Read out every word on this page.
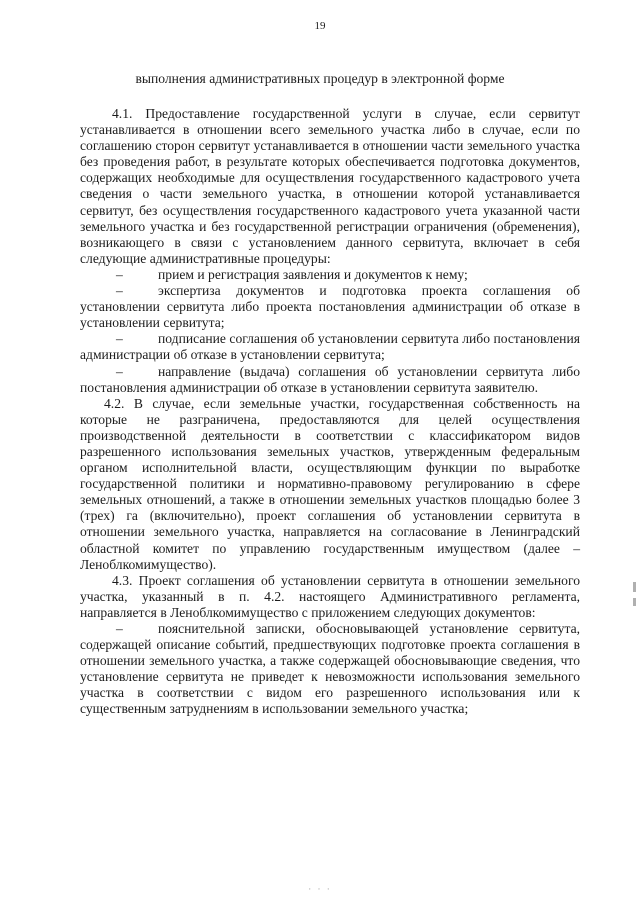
19
выполнения административных процедур в электронной форме

4.1. Предоставление государственной услуги в случае, если сервитут устанавливается в отношении всего земельного участка либо в случае, если по соглашению сторон сервитут устанавливается в отношении части земельного участка без проведения работ, в результате которых обеспечивается подготовка документов, содержащих необходимые для осуществления государственного кадастрового учета сведения о части земельного участка, в отношении которой устанавливается сервитут, без осуществления государственного кадастрового учета указанной части земельного участка и без государственной регистрации ограничения (обременения), возникающего в связи с установлением данного сервитута, включает в себя следующие административные процедуры:

–	прием и регистрация заявления и документов к нему;

–	экспертиза документов и подготовка проекта соглашения об установлении сервитута либо проекта постановления администрации об отказе в установлении сервитута;

–	подписание соглашения об установлении сервитута либо постановления администрации об отказе в установлении сервитута;

–	направление (выдача) соглашения об установлении сервитута либо постановления администрации об отказе в установлении сервитута заявителю.

4.2. В случае, если земельные участки, государственная собственность на которые не разграничена, предоставляются для целей осуществления производственной деятельности в соответствии с классификатором видов разрешенного использования земельных участков, утвержденным федеральным органом исполнительной власти, осуществляющим функции по выработке государственной политики и нормативно-правовому регулированию в сфере земельных отношений, а также в отношении земельных участков площадью более 3 (трех) га (включительно), проект соглашения об установлении сервитута в отношении земельного участка, направляется на согласование в Ленинградский областной комитет по управлению государственным имуществом (далее – Леноблкомимущество).

4.3. Проект соглашения об установлении сервитута в отношении земельного участка, указанный в п. 4.2. настоящего Административного регламента, направляется в Леноблкомимущество с приложением следующих документов:

–	пояснительной записки, обосновывающей установление сервитута, содержащей описание событий, предшествующих подготовке проекта соглашения в отношении земельного участка, а также содержащей обосновывающие сведения, что установление сервитута не приведет к невозможности использования земельного участка в соответствии с видом его разрешенного использования или к существенным затруднениям в использовании земельного участка;

· · ·
